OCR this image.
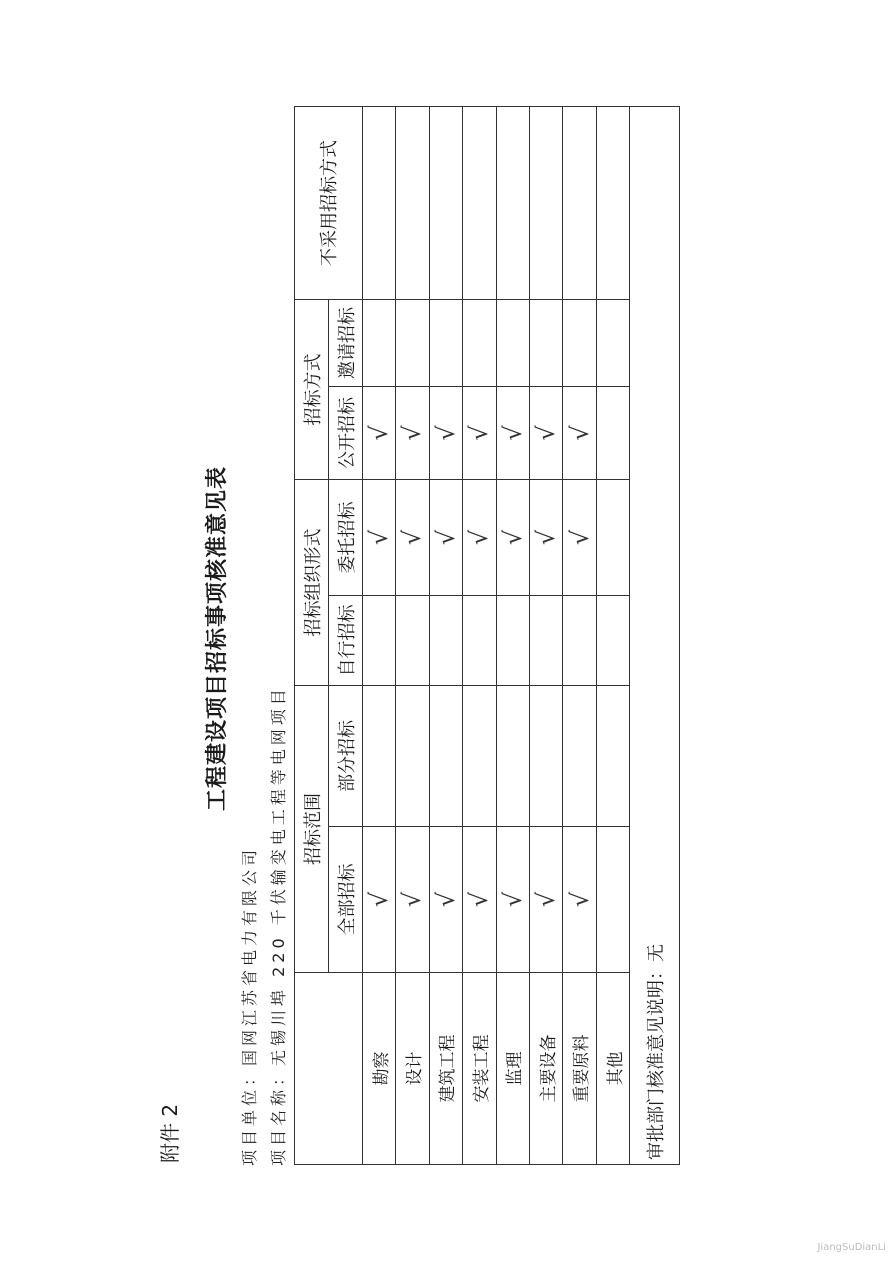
附件 2
工程建设项目招标事项核准意见表
项目单位：国网江苏省电力有限公司 项目名称：无锡川埠 220 千伏输变电工程等电网项目
	招标范围		招标组织形式		招标方式		不采用招标方式
	全部招标	部分招标	自行招标	委托招标	公开招标	邀请招标	
勘察	√			√	√		
设计	√			√	√		
建筑工程	√			√	√		
安装工程	√			√	√		
监理	√			√	√		
主要设备	√			√	√		
重要原料	√			√	√		
其他							
审批部门核准意见说明：无							
JiangSuDianLi
